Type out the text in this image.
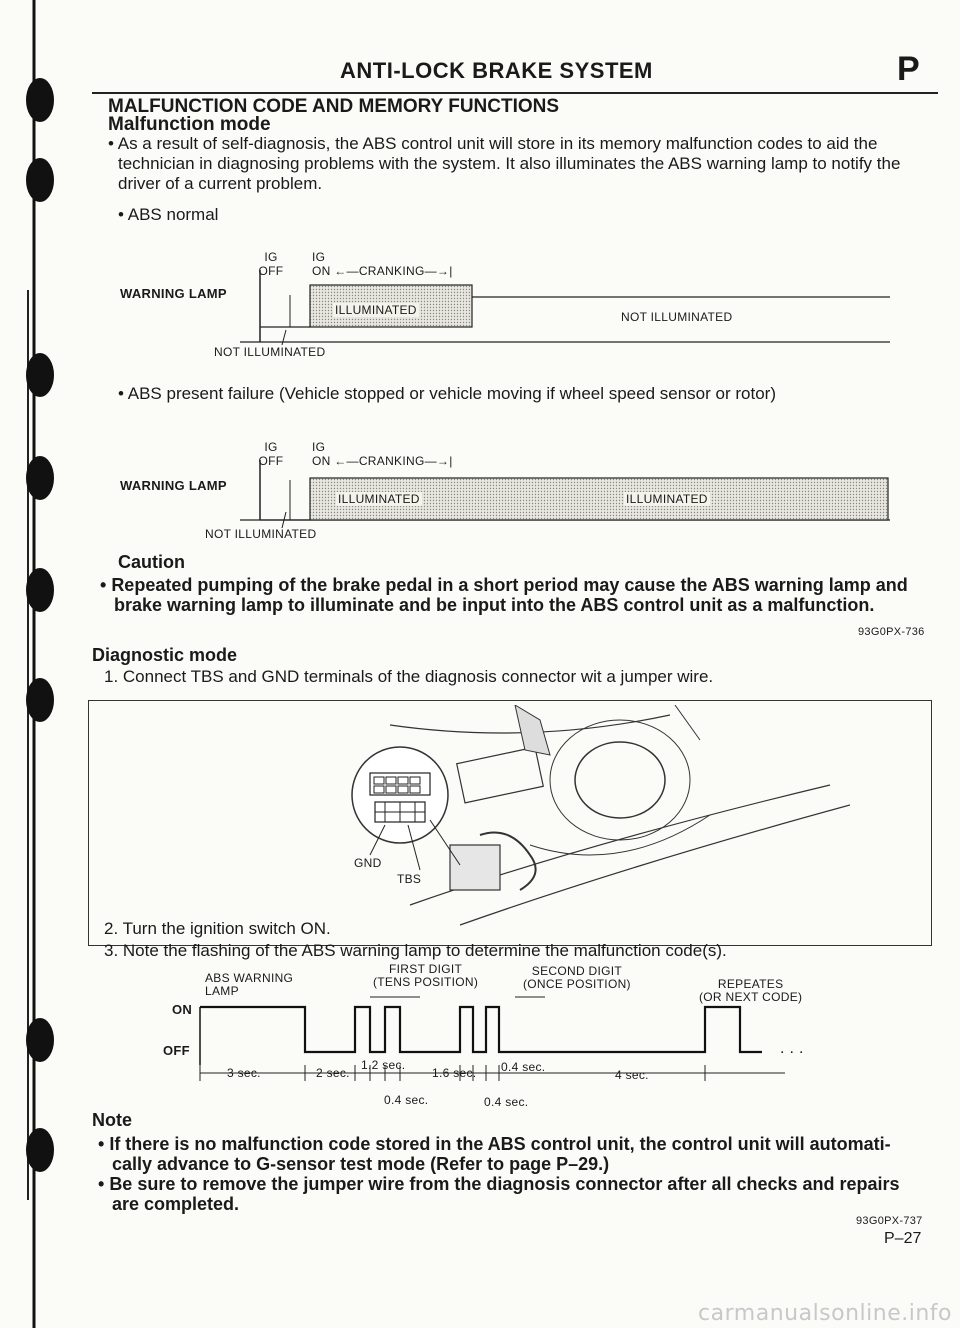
ANTI-LOCK BRAKE SYSTEM	P
MALFUNCTION CODE AND MEMORY FUNCTIONS
Malfunction mode
• As a result of self-diagnosis, the ABS control unit will store in its memory malfunction codes to aid the
technician in diagnosing problems with the system. It also illuminates the ABS warning lamp to notify the
driver of a current problem.
• ABS normal
IG
OFF
IG
ON ←—CRANKING—→|
WARNING LAMP
ILLUMINATED	NOT ILLUMINATED
NOT ILLUMINATED
• ABS present failure (Vehicle stopped or vehicle moving if wheel speed sensor or rotor)
IG
OFF
IG
ON ←—CRANKING—→|
WARNING LAMP
ILLUMINATED	ILLUMINATED
NOT ILLUMINATED
Caution
• Repeated pumping of the brake pedal in a short period may cause the ABS warning lamp and
brake warning lamp to illuminate and be input into the ABS control unit as a malfunction.
93G0PX-736
Diagnostic mode
1. Connect TBS and GND terminals of the diagnosis connector wit a jumper wire.
GND
TBS
2. Turn the ignition switch ON.
3. Note the flashing of the ABS warning lamp to determine the malfunction code(s).
ABS WARNING
LAMP
FIRST DIGIT
(TENS POSITION)
SECOND DIGIT
(ONCE POSITION)	REPEATES
(OR NEXT CODE)
ON
OFF
3 sec.	2 sec.
1.2 sec.
1.6 sec. 0.4 sec.
4 sec.
0.4 sec.	0.4 sec.
. . .
Note
• If there is no malfunction code stored in the ABS control unit, the control unit will automati-
cally advance to G-sensor test mode (Refer to page P–29.)
• Be sure to remove the jumper wire from the diagnosis connector after all checks and repairs
are completed.
93G0PX-737
P–27
carmanualsonline.info
